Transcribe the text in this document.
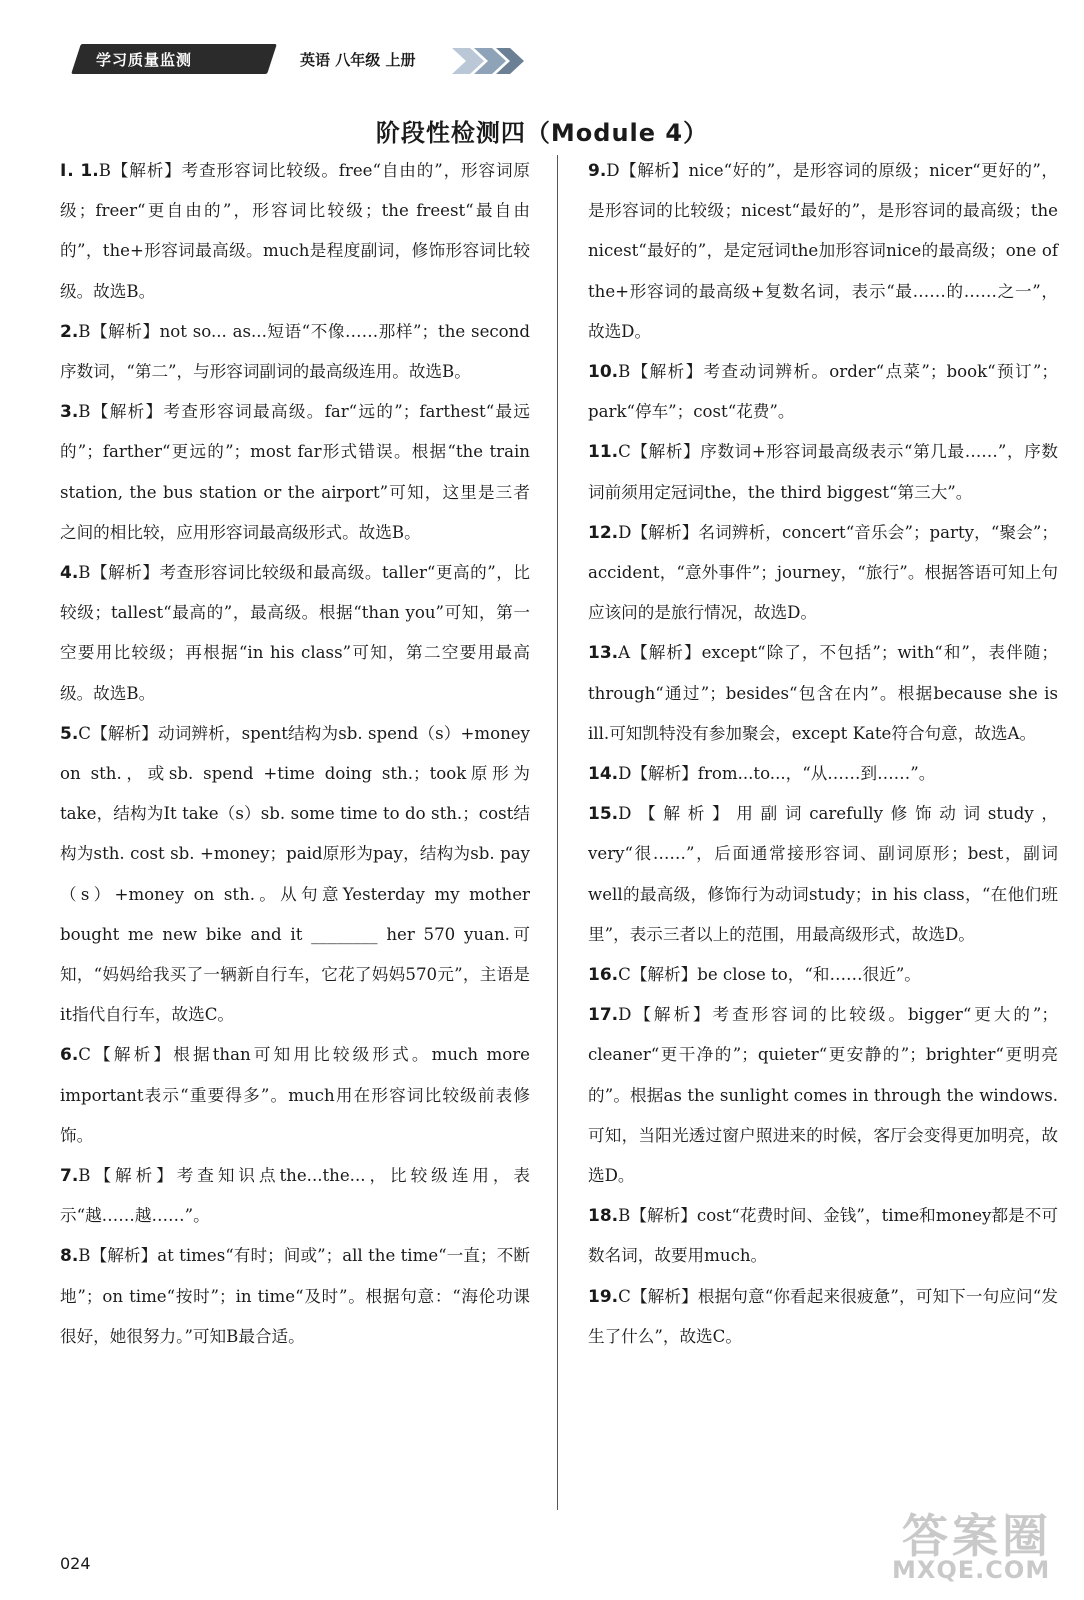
学习质量监测	英语 八年级 上册
阶段性检测四（Module 4）

Ⅰ. 1.B【解析】考查形容词比较级。free“自由的”，形容词原级；freer“更自由的”，形容词比较级；the freest“最自由的”，the+形容词最高级。much是程度副词，修饰形容词比较级。故选B。

2.B【解析】not so... as...短语“不像……那样”；the second序数词，“第二”，与形容词副词的最高级连用。故选B。

3.B【解析】考查形容词最高级。far“远的”；farthest“最远的”；farther“更远的”；most far形式错误。根据“the train station, the bus station or the airport”可知，这里是三者之间的相比较，应用形容词最高级形式。故选B。

4.B【解析】考查形容词比较级和最高级。taller“更高的”，比较级；tallest“最高的”，最高级。根据“than you”可知，第一空要用比较级；再根据“in his class”可知，第二空要用最高级。故选B。

5.C【解析】动词辨析，spent结构为sb. spend（s）+money on sth.，或sb. spend +time doing sth.；took原形为take，结构为It take（s）sb. some time to do sth.；cost结构为sth. cost sb. +money；paid原形为pay，结构为sb. pay（s）+money on sth.。从句意Yesterday my mother bought me new bike and it ________ her 570 yuan.可知，“妈妈给我买了一辆新自行车，它花了妈妈570元”，主语是it指代自行车，故选C。

6.C【解析】根据than可知用比较级形式。much more important表示“重要得多”。much用在形容词比较级前表修饰。

7.B【解析】考查知识点the...the...，比较级连用，表示“越……越……”。

8.B【解析】at times“有时；间或”；all the time“一直；不断地”；on time“按时”；in time“及时”。根据句意：“海伦功课很好，她很努力。”可知B最合适。

9.D【解析】nice“好的”，是形容词的原级；nicer“更好的”，是形容词的比较级；nicest“最好的”，是形容词的最高级；the nicest“最好的”，是定冠词the加形容词nice的最高级；one of the+形容词的最高级+复数名词，表示“最……的……之一”，故选D。

10.B【解析】考查动词辨析。order“点菜”；book“预订”；park“停车”；cost“花费”。

11.C【解析】序数词+形容词最高级表示“第几最……”，序数词前须用定冠词the，the third biggest“第三大”。

12.D【解析】名词辨析，concert“音乐会”；party，“聚会”；accident，“意外事件”；journey，“旅行”。根据答语可知上句应该问的是旅行情况，故选D。

13.A【解析】except“除了，不包括”；with“和”，表伴随；through“通过”；besides“包含在内”。根据because she is ill.可知凯特没有参加聚会，except Kate符合句意，故选A。

14.D【解析】from...to...，“从……到……”。

15.D【解析】用副词carefully修饰动词study，very“很……”，后面通常接形容词、副词原形；best，副词well的最高级，修饰行为动词study；in his class，“在他们班里”，表示三者以上的范围，用最高级形式，故选D。

16.C【解析】be close to，“和……很近”。

17.D【解析】考查形容词的比较级。bigger“更大的”；cleaner“更干净的”；quieter“更安静的”；brighter“更明亮的”。根据as the sunlight comes in through the windows.可知，当阳光透过窗户照进来的时候，客厅会变得更加明亮，故选D。

18.B【解析】cost“花费时间、金钱”，time和money都是不可数名词，故要用much。

19.C【解析】根据句意“你看起来很疲惫”，可知下一句应问“发生了什么”，故选C。

024
答案圈
MXQE.COM
